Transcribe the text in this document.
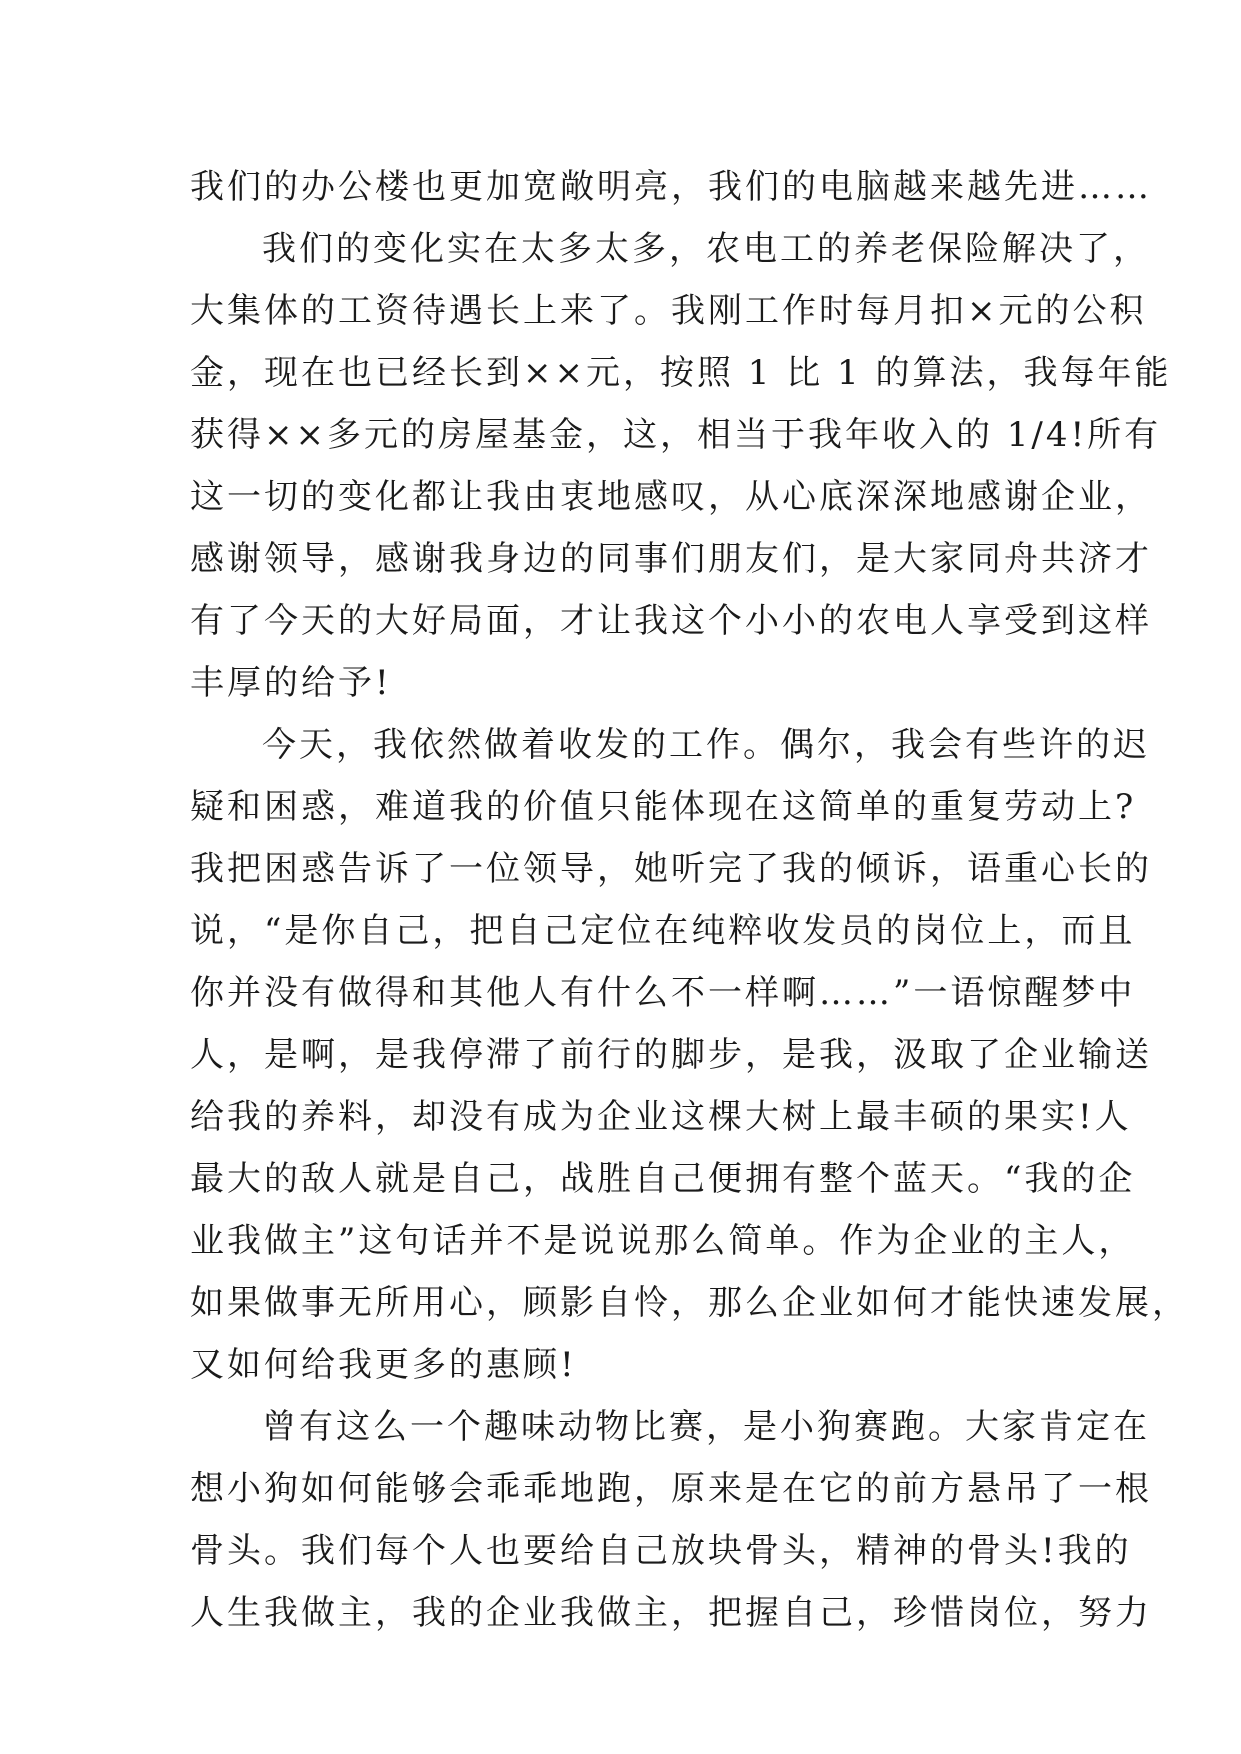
我们的办公楼也更加宽敞明亮，我们的电脑越来越先进……
我们的变化实在太多太多，农电工的养老保险解决了，
大集体的工资待遇长上来了。我刚工作时每月扣×元的公积
金，现在也已经长到××元，按照 1 比 1 的算法，我每年能
获得××多元的房屋基金，这，相当于我年收入的 1/4!所有
这一切的变化都让我由衷地感叹，从心底深深地感谢企业，
感谢领导，感谢我身边的同事们朋友们，是大家同舟共济才
有了今天的大好局面，才让我这个小小的农电人享受到这样
丰厚的给予!
今天，我依然做着收发的工作。偶尔，我会有些许的迟
疑和困惑，难道我的价值只能体现在这简单的重复劳动上?
我把困惑告诉了一位领导，她听完了我的倾诉，语重心长的
说，“是你自己，把自己定位在纯粹收发员的岗位上，而且
你并没有做得和其他人有什么不一样啊……”一语惊醒梦中
人，是啊，是我停滞了前行的脚步，是我，汲取了企业输送
给我的养料，却没有成为企业这棵大树上最丰硕的果实!人
最大的敌人就是自己，战胜自己便拥有整个蓝天。“我的企
业我做主”这句话并不是说说那么简单。作为企业的主人，
如果做事无所用心，顾影自怜，那么企业如何才能快速发展，
又如何给我更多的惠顾!
曾有这么一个趣味动物比赛，是小狗赛跑。大家肯定在
想小狗如何能够会乖乖地跑，原来是在它的前方悬吊了一根
骨头。我们每个人也要给自己放块骨头，精神的骨头!我的
人生我做主，我的企业我做主，把握自己，珍惜岗位，努力
